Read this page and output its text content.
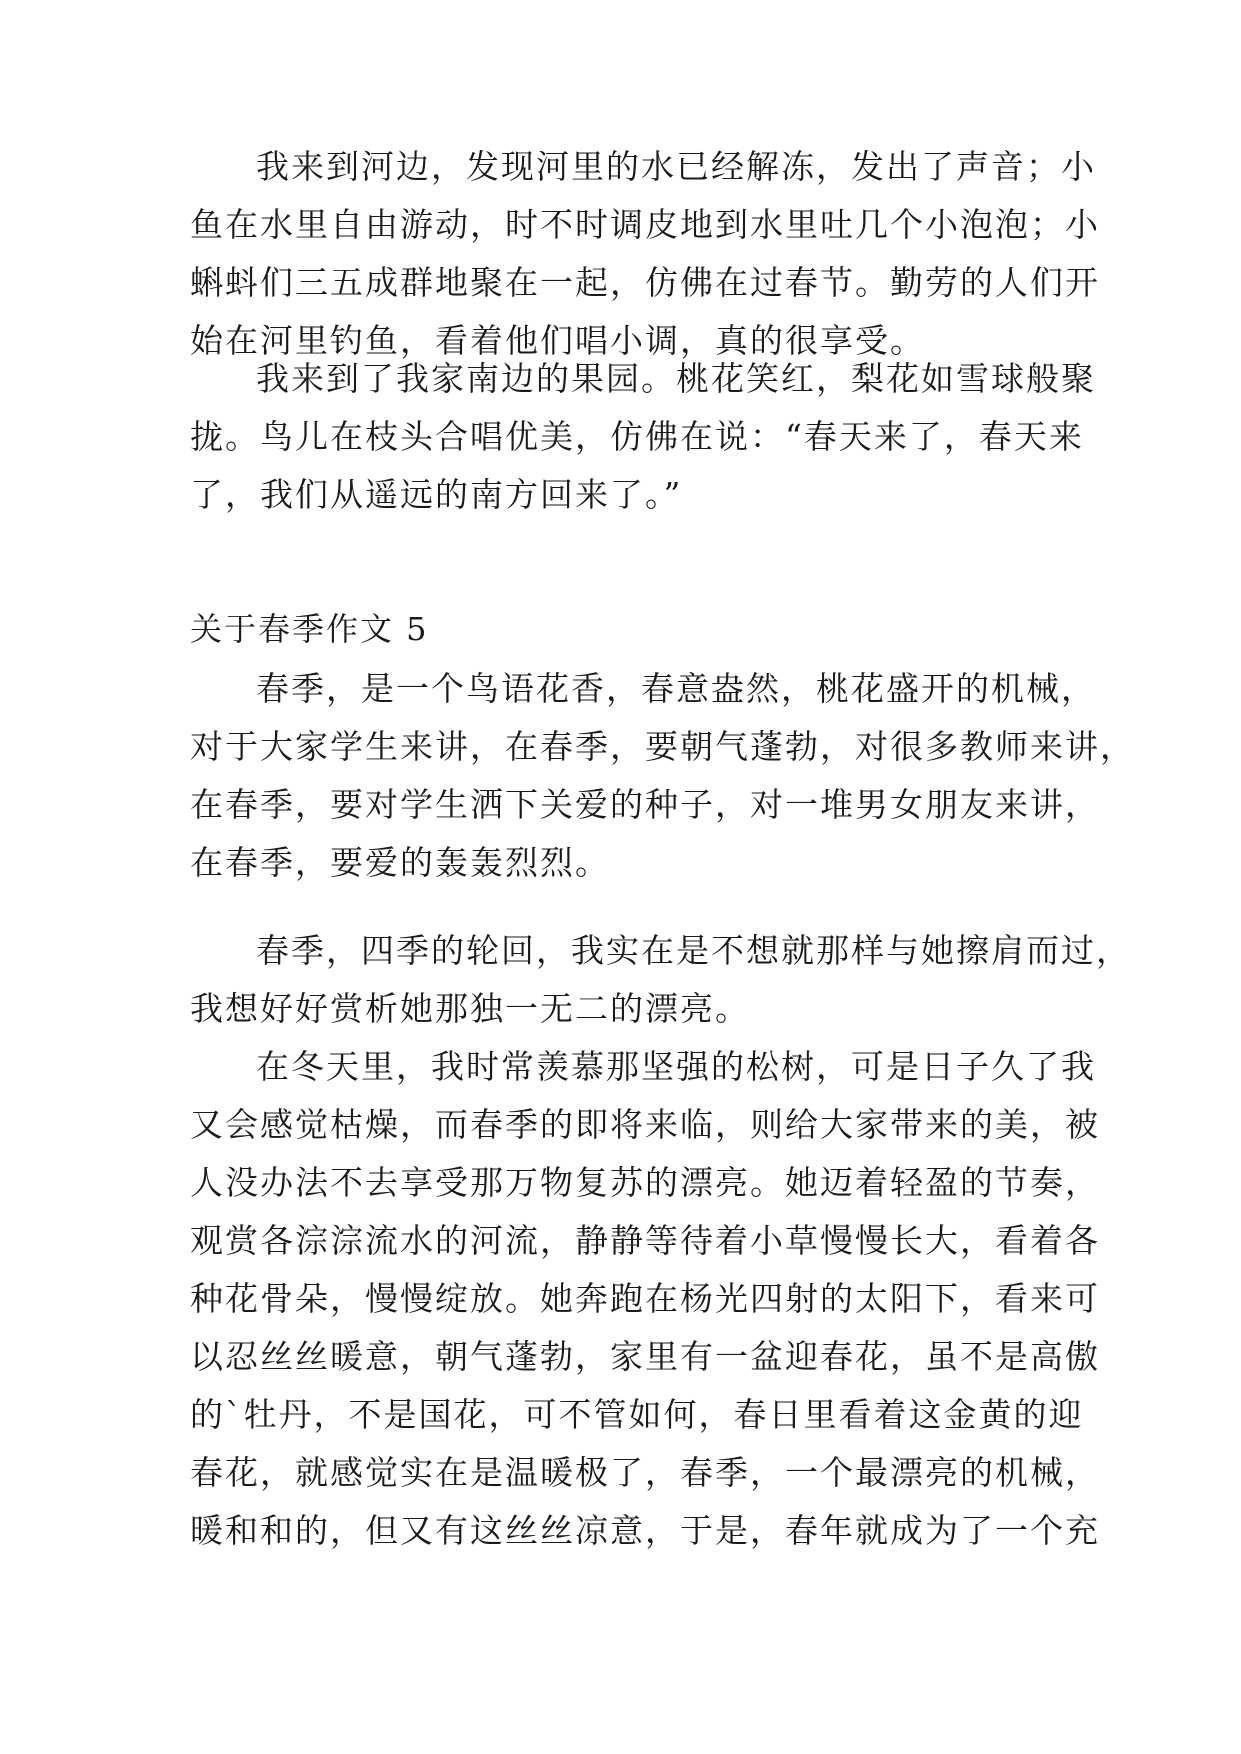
我来到河边，发现河里的水已经解冻，发出了声音；小
鱼在水里自由游动，时不时调皮地到水里吐几个小泡泡；小
蝌蚪们三五成群地聚在一起，仿佛在过春节。勤劳的人们开
始在河里钓鱼，看着他们唱小调，真的很享受。
我来到了我家南边的果园。桃花笑红，梨花如雪球般聚
拢。鸟儿在枝头合唱优美，仿佛在说：“春天来了，春天来
了，我们从遥远的南方回来了。”
关于春季作文 5
春季，是一个鸟语花香，春意盎然，桃花盛开的机械，
对于大家学生来讲，在春季，要朝气蓬勃，对很多教师来讲，
在春季，要对学生洒下关爱的种子，对一堆男女朋友来讲，
在春季，要爱的轰轰烈烈。
春季，四季的轮回，我实在是不想就那样与她擦肩而过，
我想好好赏析她那独一无二的漂亮。
在冬天里，我时常羡慕那坚强的松树，可是日子久了我
又会感觉枯燥，而春季的即将来临，则给大家带来的美，被
人没办法不去享受那万物复苏的漂亮。她迈着轻盈的节奏，
观赏各淙淙流水的河流，静静等待着小草慢慢长大，看着各
种花骨朵，慢慢绽放。她奔跑在杨光四射的太阳下，看来可
以忍丝丝暖意，朝气蓬勃，家里有一盆迎春花，虽不是高傲
的`牡丹，不是国花，可不管如何，春日里看着这金黄的迎
春花，就感觉实在是温暖极了，春季，一个最漂亮的机械，
暖和和的，但又有这丝丝凉意，于是，春年就成为了一个充
